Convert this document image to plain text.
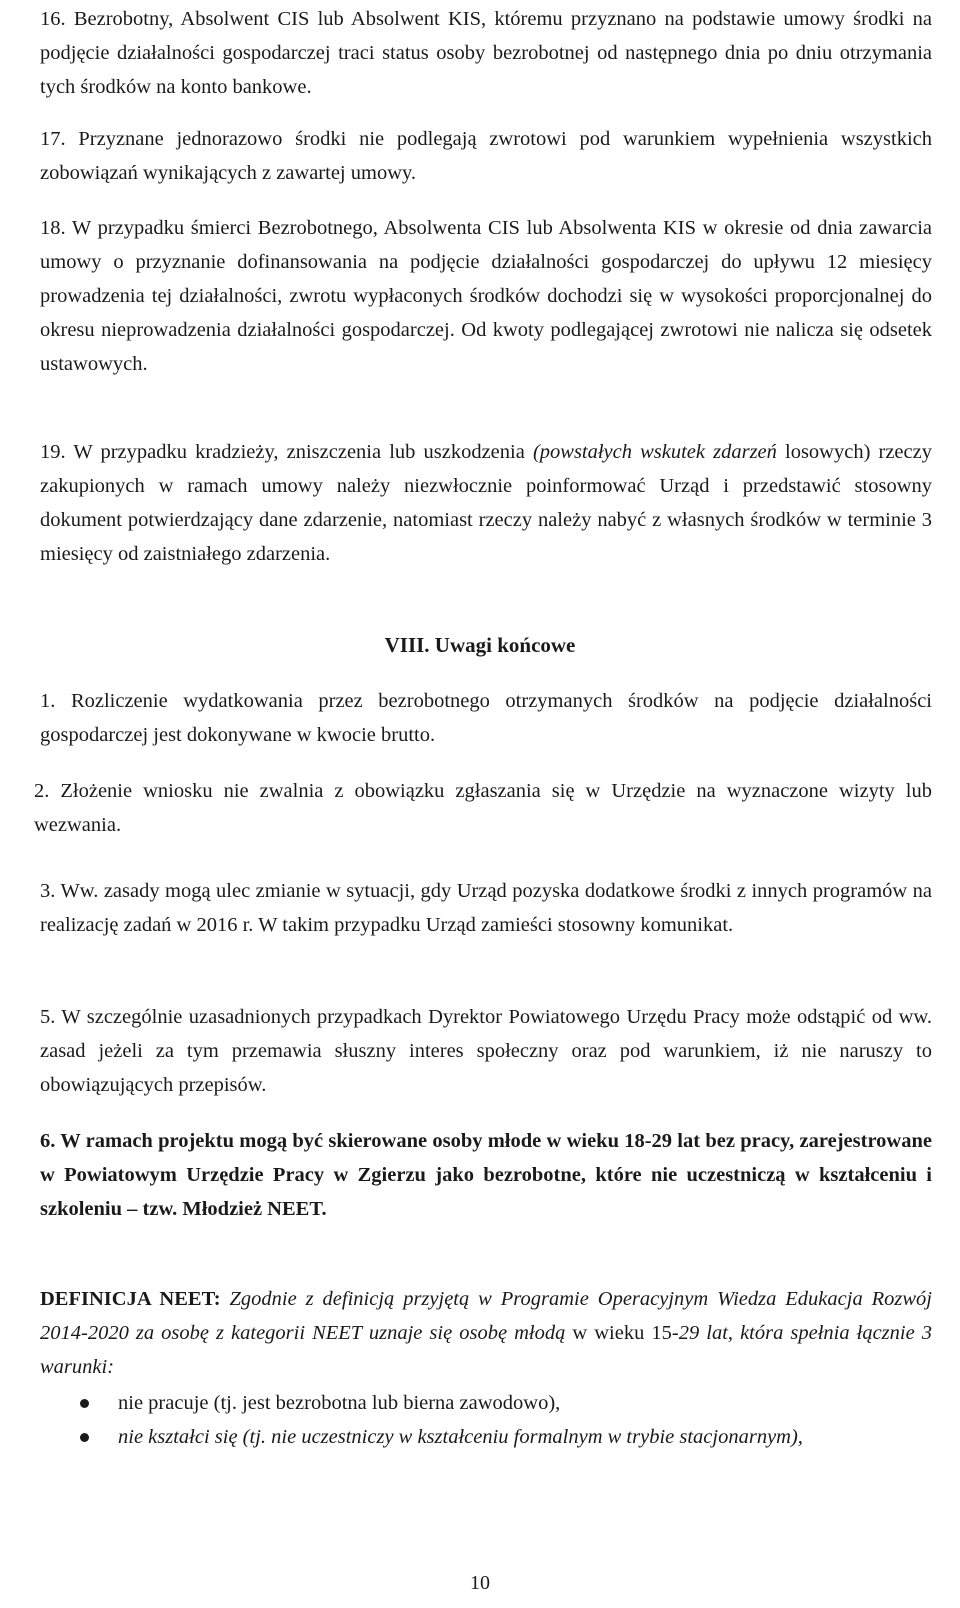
16. Bezrobotny, Absolwent CIS lub Absolwent KIS, któremu przyznano na podstawie umowy środki na podjęcie działalności gospodarczej traci status osoby bezrobotnej od następnego dnia po dniu otrzymania tych środków na konto bankowe.

17. Przyznane jednorazowo środki nie podlegają zwrotowi pod warunkiem wypełnienia wszystkich zobowiązań wynikających z zawartej umowy.

18. W przypadku śmierci Bezrobotnego, Absolwenta CIS lub Absolwenta KIS w okresie od dnia zawarcia umowy o przyznanie dofinansowania na podjęcie działalności gospodarczej do upływu 12 miesięcy prowadzenia tej działalności, zwrotu wypłaconych środków dochodzi się w wysokości proporcjonalnej do okresu nieprowadzenia działalności gospodarczej. Od kwoty podlegającej zwrotowi nie nalicza się odsetek ustawowych.

19. W przypadku kradzieży, zniszczenia lub uszkodzenia (powstałych wskutek zdarzeń losowych) rzeczy zakupionych w ramach umowy należy niezwłocznie poinformować Urząd i przedstawić stosowny dokument potwierdzający dane zdarzenie, natomiast rzeczy należy nabyć z własnych środków w terminie 3 miesięcy od zaistniałego zdarzenia.

VIII. Uwagi końcowe

1. Rozliczenie wydatkowania przez bezrobotnego otrzymanych środków na podjęcie działalności gospodarczej jest dokonywane w kwocie brutto.

2. Złożenie wniosku nie zwalnia z obowiązku zgłaszania się w Urzędzie na wyznaczone wizyty lub wezwania.

3. Ww. zasady mogą ulec zmianie w sytuacji, gdy Urząd pozyska dodatkowe środki z innych programów na realizację zadań w 2016 r. W takim przypadku Urząd zamieści stosowny komunikat.

5. W szczególnie uzasadnionych przypadkach Dyrektor Powiatowego Urzędu Pracy może odstąpić od ww. zasad jeżeli za tym przemawia słuszny interes społeczny oraz pod warunkiem, iż nie naruszy to obowiązujących przepisów.

6. W ramach projektu mogą być skierowane osoby młode w wieku 18-29 lat bez pracy, zarejestrowane w Powiatowym Urzędzie Pracy w Zgierzu jako bezrobotne, które nie uczestniczą w kształceniu i szkoleniu – tzw. Młodzież NEET.

DEFINICJA NEET: Zgodnie z definicją przyjętą w Programie Operacyjnym Wiedza Edukacja Rozwój 2014-2020 za osobę z kategorii NEET uznaje się osobę młodą w wieku 15-29 lat, która spełnia łącznie 3 warunki:

nie pracuje (tj. jest bezrobotna lub bierna zawodowo),
nie kształci się (tj. nie uczestniczy w kształceniu formalnym w trybie stacjonarnym),
10
